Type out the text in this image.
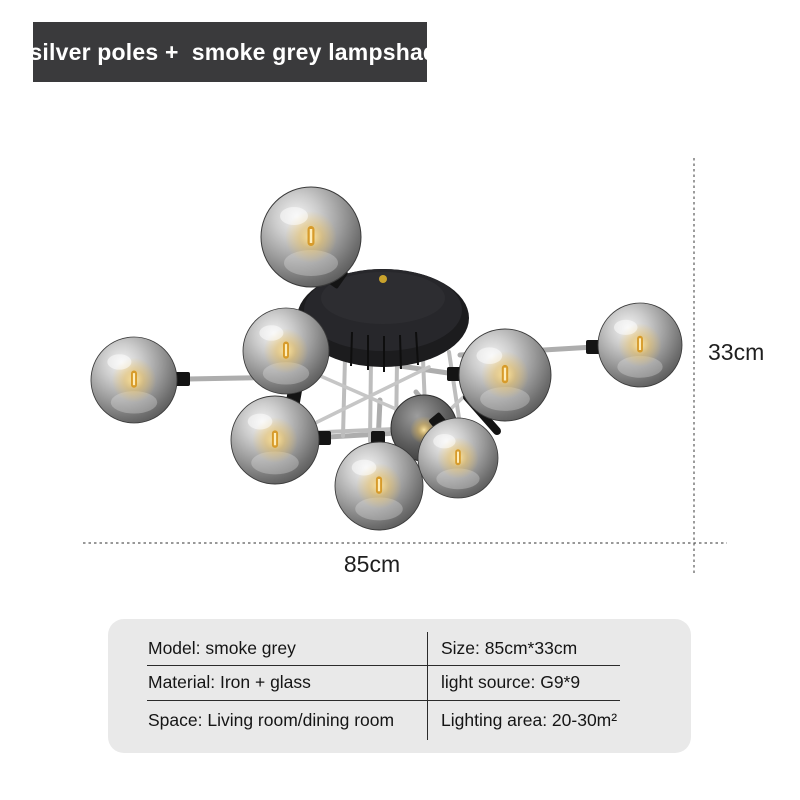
9 silver poles +  smoke grey lampshade
33cm
85cm
Model: smoke grey
Material: Iron + glass
Space: Living room/dining room
Size: 85cm*33cm
light source: G9*9
Lighting area: 20-30m²
